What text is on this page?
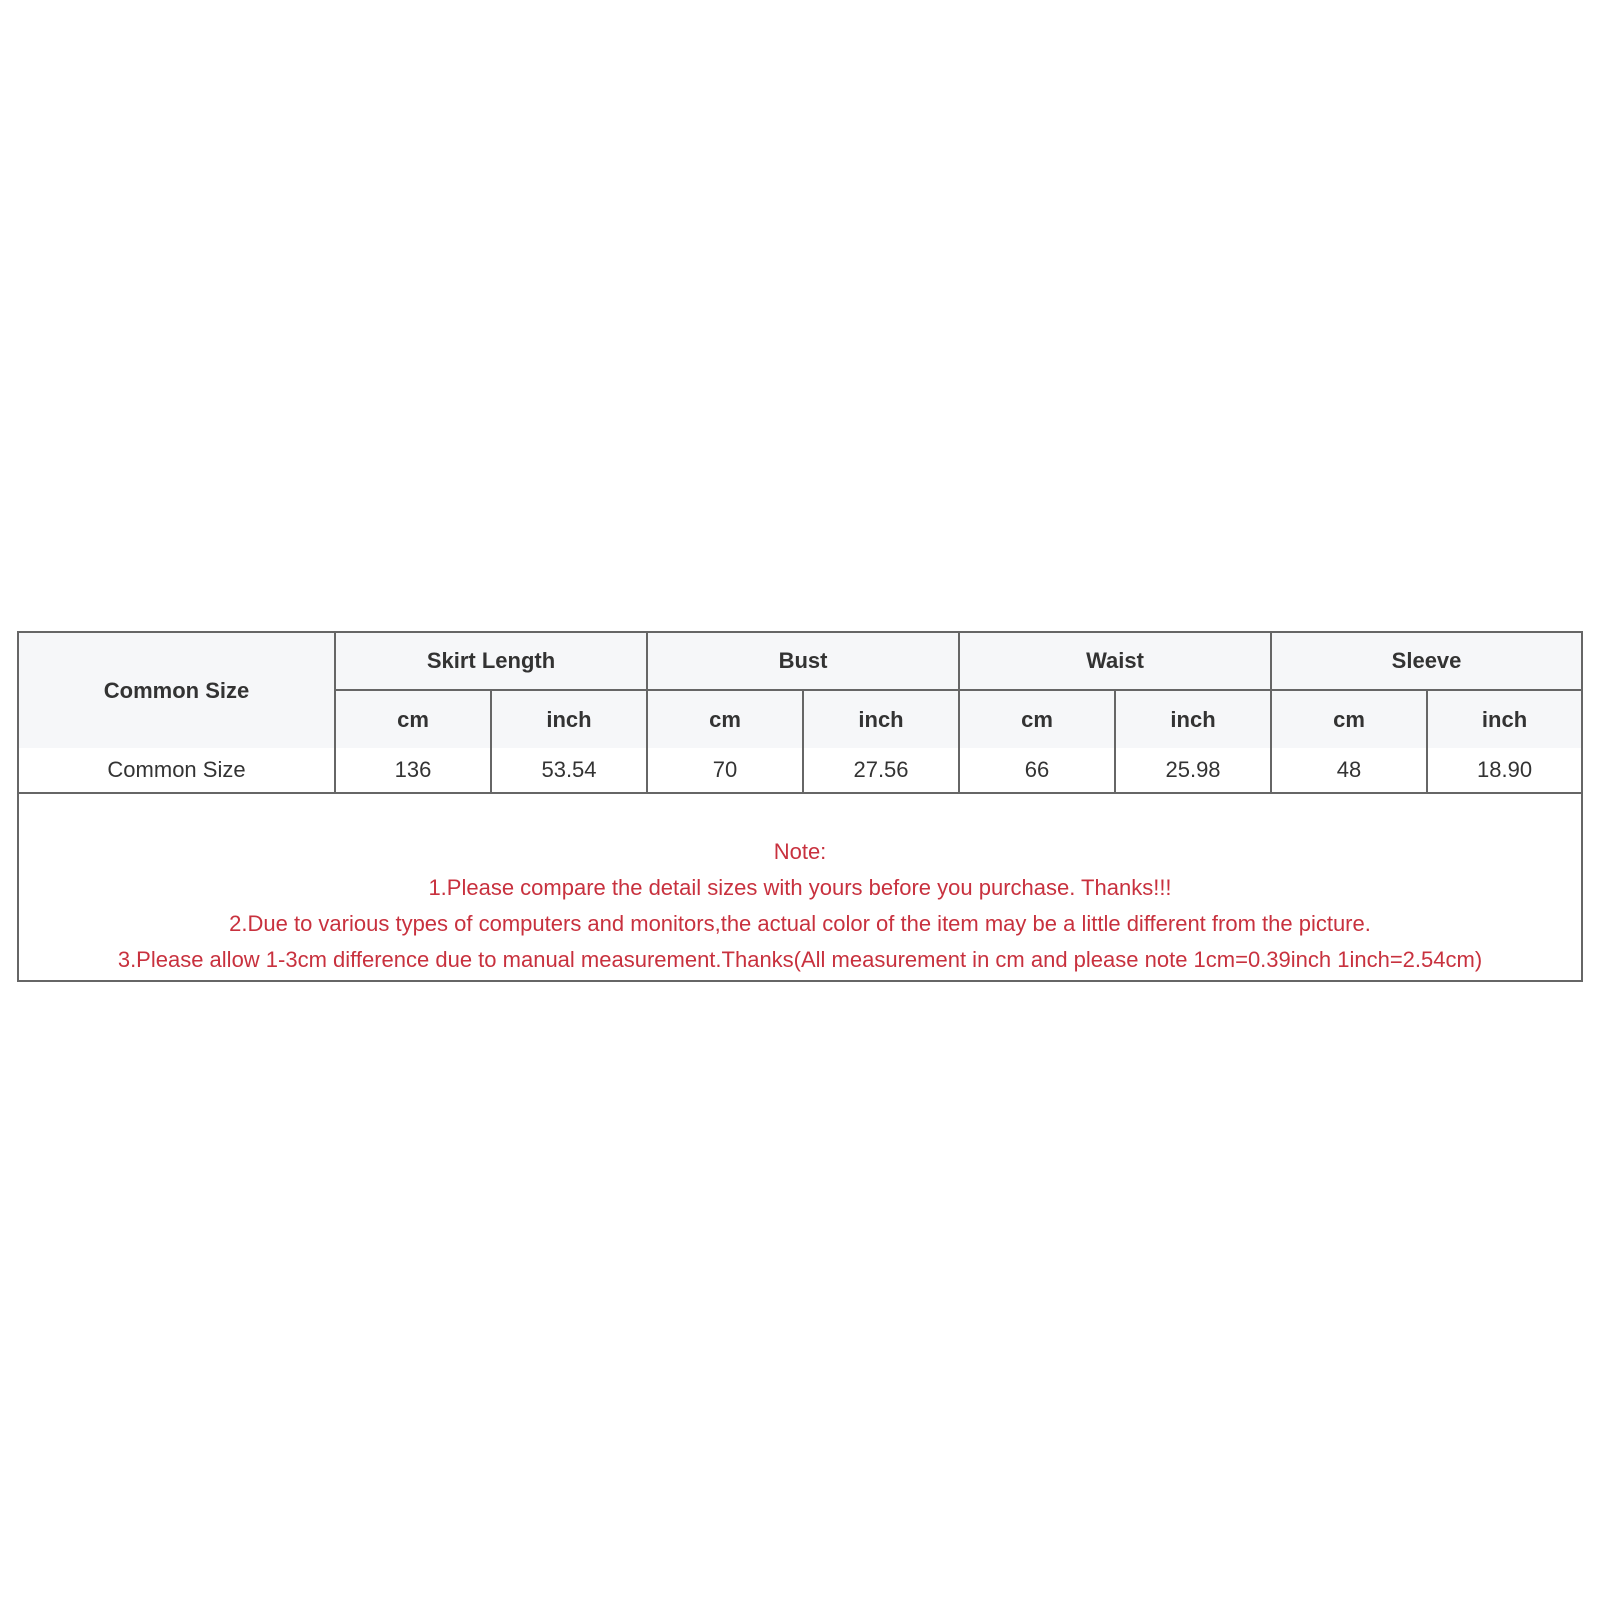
Common Size	Skirt Length		Bust		Waist		Sleeve	
	cm	inch	cm	inch	cm	inch	cm	inch
Common Size	136	53.54	70	27.56	66	25.98	48	18.90
Note:
1.Please compare the detail sizes with yours before you purchase. Thanks!!!
2.Due to various types of computers and monitors,the actual color of the item may be a little different from the picture.
3.Please allow 1-3cm difference due to manual measurement.Thanks(All measurement in cm and please note 1cm=0.39inch 1inch=2.54cm)
